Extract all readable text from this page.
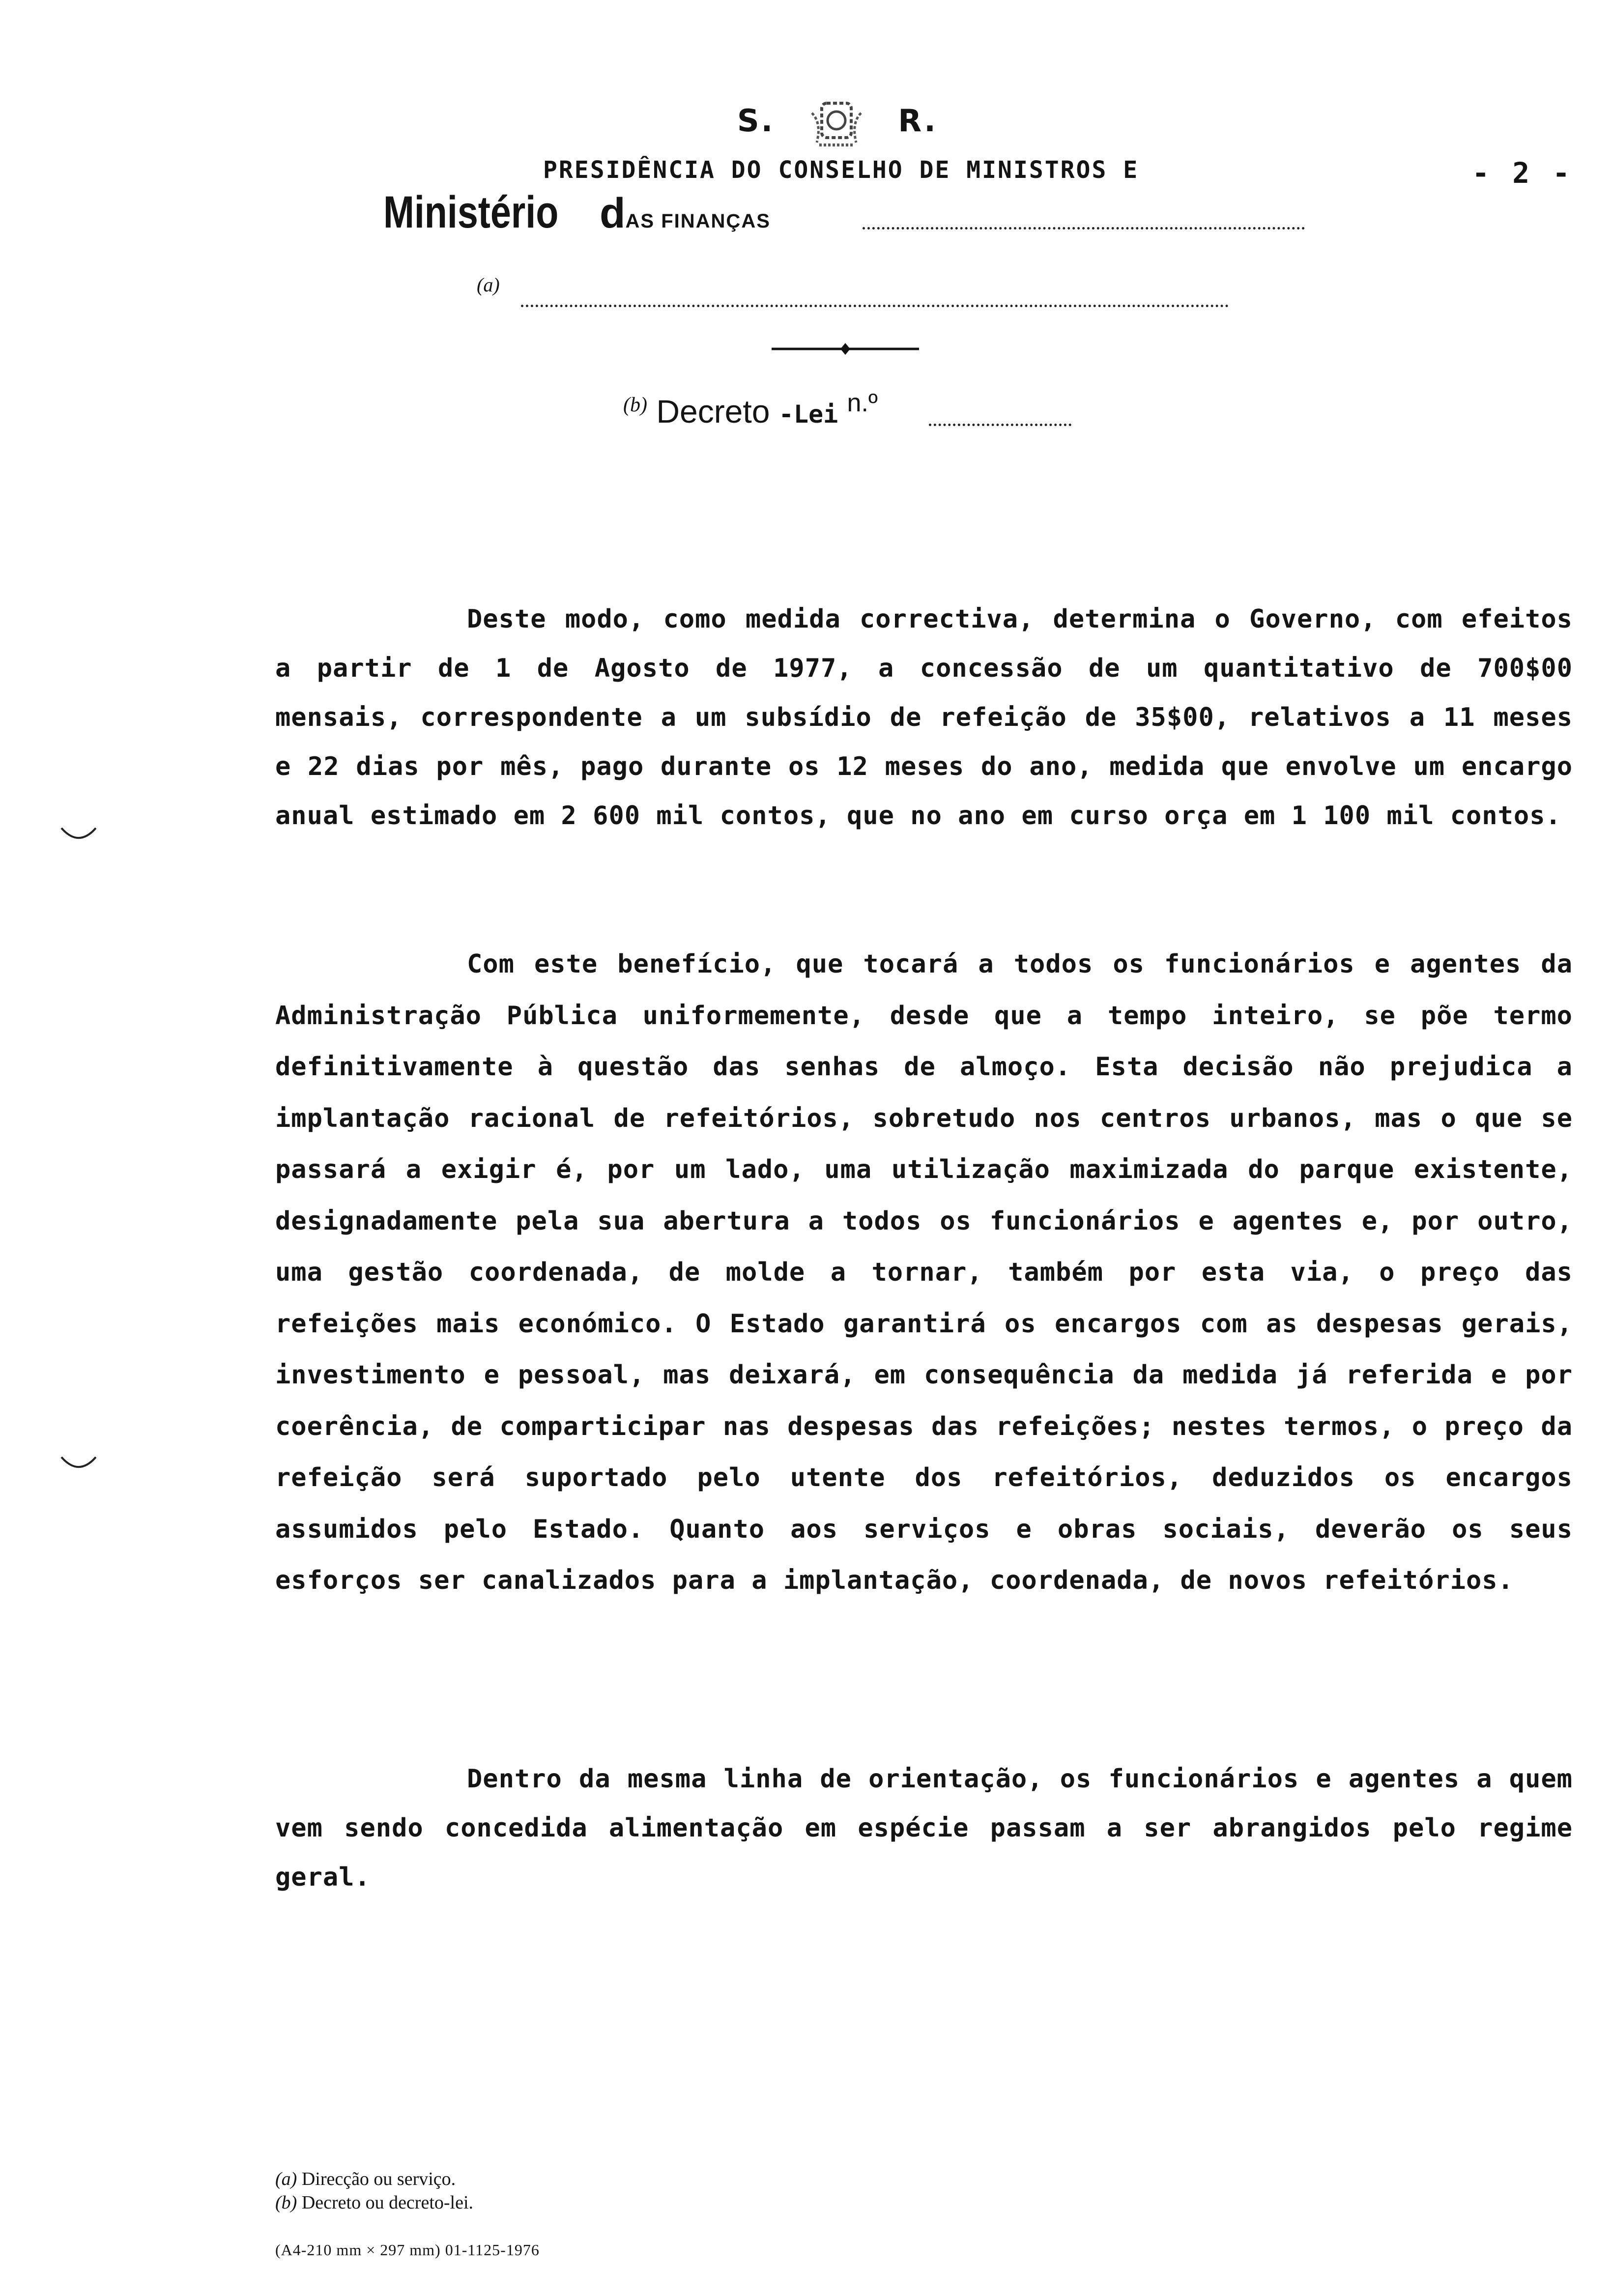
S.	R.
PRESIDÊNCIA DO CONSELHO DE MINISTROS E	- 2 -
Ministério d AS FINANÇAS
(a)
$^{(b)}$ Decreto -Lei $^{n.º}$

Deste modo, como medida correctiva, determina o Governo, com efeitos a partir de 1 de Agosto de 1977, a concessão de um quantitativo de 700$00 mensais, correspondente a um subsídio de refeição de 35$00, relativos a 11 meses e 22 dias por mês, pago durante os 12 meses do ano, medida que envolve um encargo anual estimado em 2 600 mil contos, que no ano em curso orça em 1 100 mil contos.

Com este benefício, que tocará a todos os funcionários e agentes da Administração Pública uniformemente, desde que a tempo inteiro, se põe termo definitivamente à questão das senhas de almoço. Esta decisão não prejudica a implantação racional de refeitórios, sobretudo nos centros urbanos, mas o que se passará a exigir é, por um lado, uma utilização maximizada do parque existente, designadamente pela sua abertura a todos os funcionários e agentes e, por outro, uma gestão coordenada, de molde a tornar, também por esta via, o preço das refeições mais económico. O Estado garantirá os encargos com as despesas gerais, investimento e pessoal, mas deixará, em consequência da medida já referida e por coerência, de comparticipar nas despesas das refeições; nestes termos, o preço da refeição será suportado pelo utente dos refeitórios, deduzidos os encargos assumidos pelo Estado. Quanto aos serviços e obras sociais, deverão os seus esforços ser canalizados para a implantação, coordenada, de novos refeitórios.

Dentro da mesma linha de orientação, os funcionários e agentes a quem vem sendo concedida alimentação em espécie passam a ser abrangidos pelo regime geral.

(a) Direcção ou serviço.
(b) Decreto ou decreto-lei.
(A4-210 mm × 297 mm) 01-1125-1976
